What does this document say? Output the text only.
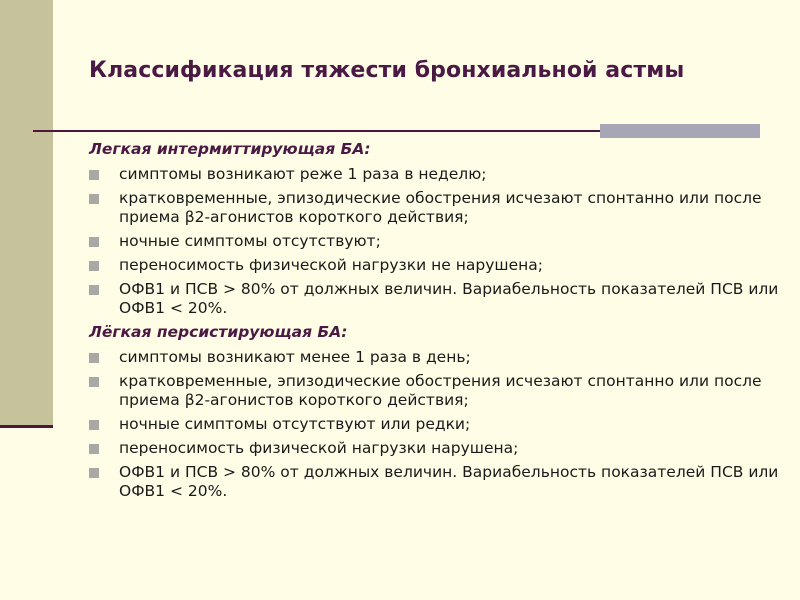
Классификация тяжести бронхиальной астмы
Легкая интермиттирующая БА:
симптомы возникают реже 1 раза в неделю;
кратковременные, эпизодические обострения исчезают спонтанно или после приема β2-агонистов короткого действия;
ночные симптомы отсутствуют;
переносимость физической нагрузки не нарушена;
ОФВ1 и ПСВ > 80% от должных величин. Вариабельность показателей ПСВ или ОФВ1 < 20%.
Лёгкая персистирующая БА:
симптомы возникают менее 1 раза в день;
кратковременные, эпизодические обострения исчезают спонтанно или после приема β2-агонистов короткого действия;
ночные симптомы отсутствуют или редки;
переносимость физической нагрузки нарушена;
ОФВ1 и ПСВ > 80% от должных величин. Вариабельность показателей ПСВ или ОФВ1 < 20%.
